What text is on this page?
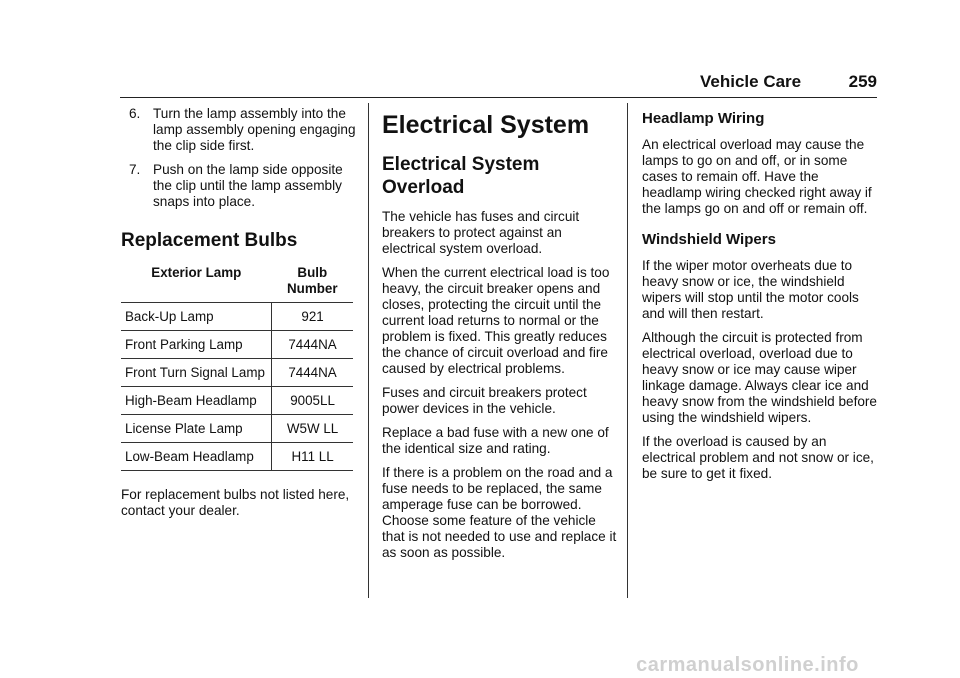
Vehicle Care	259
6. Turn the lamp assembly into the lamp assembly opening engaging the clip side first.
7. Push on the lamp side opposite the clip until the lamp assembly snaps into place.
Replacement Bulbs
Exterior Lamp	Bulb Number
Back-Up Lamp	921
Front Parking Lamp	7444NA
Front Turn Signal Lamp	7444NA
High-Beam Headlamp	9005LL
License Plate Lamp	W5W LL
Low-Beam Headlamp	H11 LL

For replacement bulbs not listed here, contact your dealer.

Electrical System
Electrical System Overload

The vehicle has fuses and circuit breakers to protect against an electrical system overload.

When the current electrical load is too heavy, the circuit breaker opens and closes, protecting the circuit until the current load returns to normal or the problem is fixed. This greatly reduces the chance of circuit overload and fire caused by electrical problems.

Fuses and circuit breakers protect power devices in the vehicle.

Replace a bad fuse with a new one of the identical size and rating.

If there is a problem on the road and a fuse needs to be replaced, the same amperage fuse can be borrowed. Choose some feature of the vehicle that is not needed to use and replace it as soon as possible.

Headlamp Wiring

An electrical overload may cause the lamps to go on and off, or in some cases to remain off. Have the headlamp wiring checked right away if the lamps go on and off or remain off.

Windshield Wipers

If the wiper motor overheats due to heavy snow or ice, the windshield wipers will stop until the motor cools and will then restart.

Although the circuit is protected from electrical overload, overload due to heavy snow or ice may cause wiper linkage damage. Always clear ice and heavy snow from the windshield before using the windshield wipers.

If the overload is caused by an electrical problem and not snow or ice, be sure to get it fixed.

carmanualsonline.info
